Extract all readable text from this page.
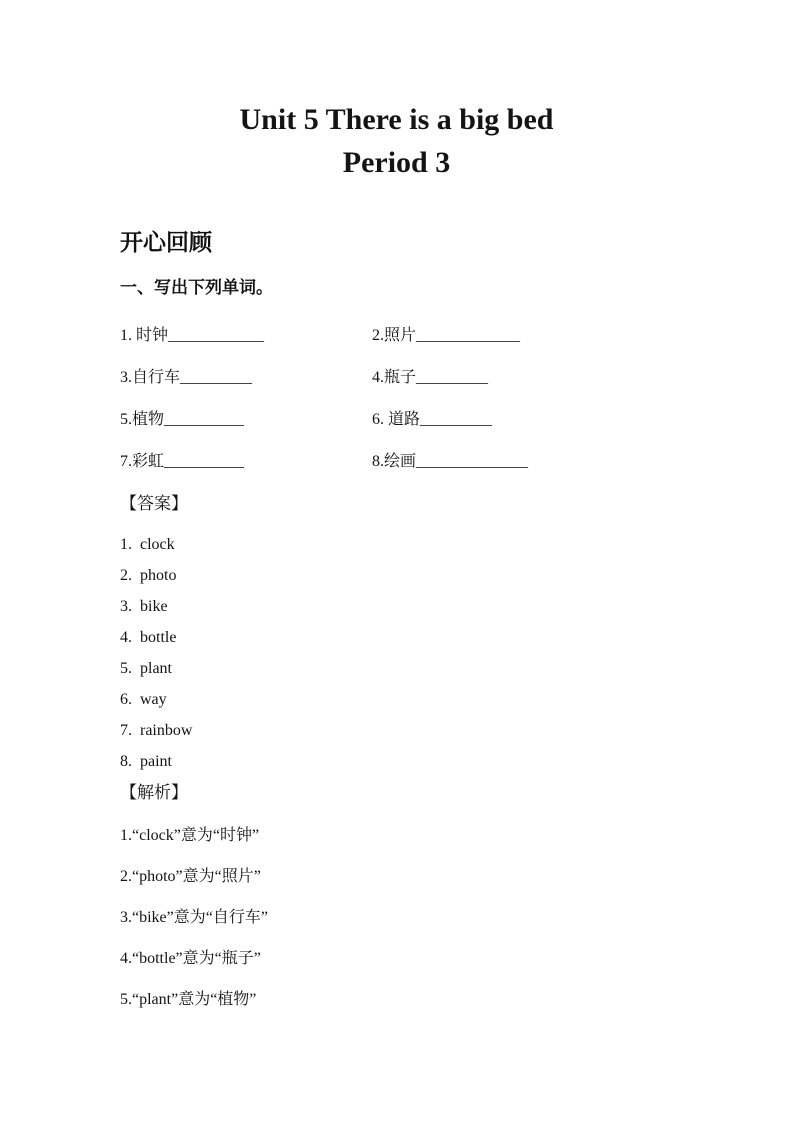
Unit 5 There is a big bed
Period 3
开心回顾
一、写出下列单词。
1. 时钟____________	2.照片_____________
3.自行车_________	4.瓶子_________
5.植物__________	6. 道路_________
7.彩虹__________	8.绘画______________
【答案】
1.  clock
2.  photo
3.  bike
4.  bottle
5.  plant
6.  way
7.  rainbow
8.  paint
【解析】
1.“clock”意为“时钟”
2.“photo”意为“照片”
3.“bike”意为“自行车”
4.“bottle”意为“瓶子”
5.“plant”意为“植物”
